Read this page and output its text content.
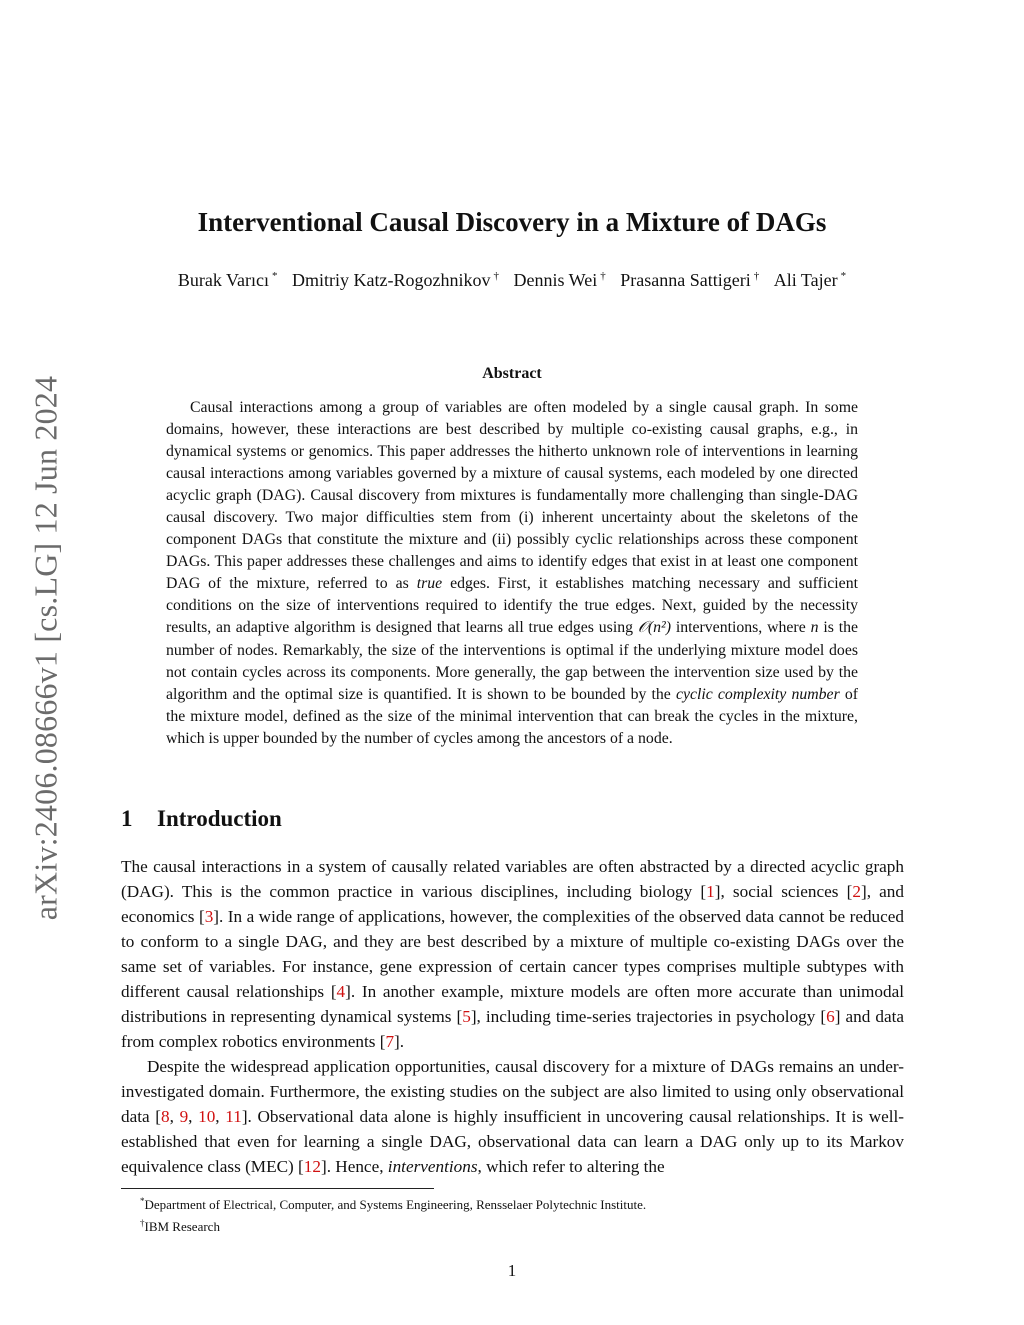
arXiv:2406.08666v1 [cs.LG] 12 Jun 2024
Interventional Causal Discovery in a Mixture of DAGs
Burak Varıcı * Dmitriy Katz-Rogozhnikov † Dennis Wei † Prasanna Sattigeri † Ali Tajer *
Abstract

Causal interactions among a group of variables are often modeled by a single causal graph. In some domains, however, these interactions are best described by multiple co-existing causal graphs, e.g., in dynamical systems or genomics. This paper addresses the hitherto unknown role of interventions in learning causal interactions among variables governed by a mixture of causal systems, each modeled by one directed acyclic graph (DAG). Causal discovery from mixtures is fundamentally more challenging than single-DAG causal discovery. Two major difficulties stem from (i) inherent uncertainty about the skeletons of the component DAGs that constitute the mixture and (ii) possibly cyclic relationships across these component DAGs. This paper addresses these challenges and aims to identify edges that exist in at least one component DAG of the mixture, referred to as true edges. First, it establishes matching necessary and sufficient conditions on the size of interventions required to identify the true edges. Next, guided by the necessity results, an adaptive algorithm is designed that learns all true edges using 𝒪(n²) interventions, where n is the number of nodes. Remarkably, the size of the interventions is optimal if the underlying mixture model does not contain cycles across its components. More generally, the gap between the intervention size used by the algorithm and the optimal size is quantified. It is shown to be bounded by the cyclic complexity number of the mixture model, defined as the size of the minimal intervention that can break the cycles in the mixture, which is upper bounded by the number of cycles among the ancestors of a node.

1 Introduction

The causal interactions in a system of causally related variables are often abstracted by a directed acyclic graph (DAG). This is the common practice in various disciplines, including biology [1], social sciences [2], and economics [3]. In a wide range of applications, however, the complexities of the observed data cannot be reduced to conform to a single DAG, and they are best described by a mixture of multiple co-existing DAGs over the same set of variables. For instance, gene expression of certain cancer types comprises multiple subtypes with different causal relationships [4]. In another example, mixture models are often more accurate than unimodal distributions in representing dynamical systems [5], including time-series trajectories in psychology [6] and data from complex robotics environments [7].

Despite the widespread application opportunities, causal discovery for a mixture of DAGs remains an under-investigated domain. Furthermore, the existing studies on the subject are also limited to using only observational data [8, 9, 10, 11]. Observational data alone is highly insufficient in uncovering causal relationships. It is well-established that even for learning a single DAG, observational data can learn a DAG only up to its Markov equivalence class (MEC) [12]. Hence, interventions, which refer to altering the

*Department of Electrical, Computer, and Systems Engineering, Rensselaer Polytechnic Institute.
†IBM Research
1
